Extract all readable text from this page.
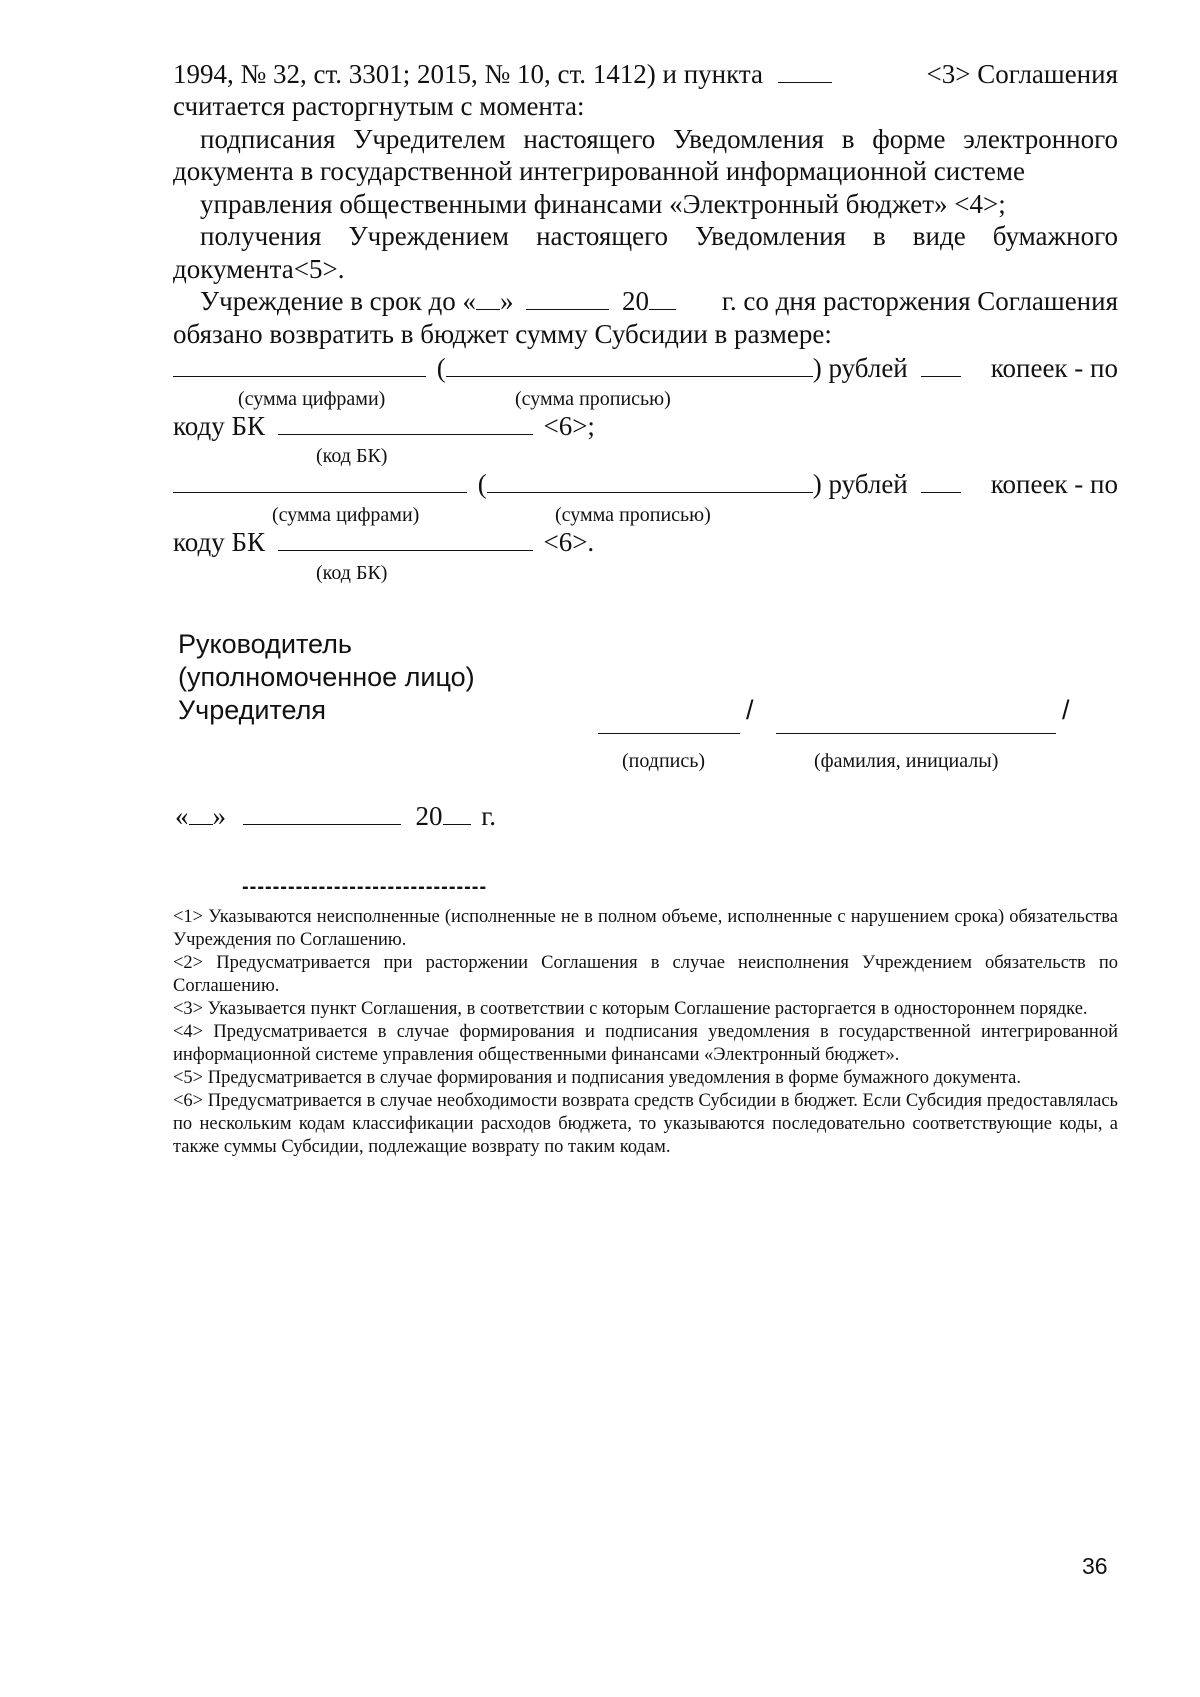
1994, № 32, ст. 3301; 2015, № 10, ст. 1412) и пункта	<3> Соглашения
считается расторгнутым с момента:
подписания Учредителем настоящего Уведомления в форме электронного
документа в государственной интегрированной информационной системе
управления общественными финансами «Электронный бюджет» <4>;
получения Учреждением настоящего Уведомления в виде бумажного
документа<5>.
Учреждение в срок до « »	20	г. со дня расторжения Соглашения
обязано возвратить в бюджет сумму Субсидии в размере:
(	) рублей	копеек - по
(сумма цифрами)	(сумма прописью)
коду БК	<6>;
(код БК)
(	) рублей	копеек - по
(сумма цифрами)	(сумма прописью)
коду БК	<6>.
(код БК)
Руководитель
(уполномоченное лицо)
Учредителя	/	/
(подпись)	(фамилия, инициалы)
« »	20 г.
--------------------------------
<1> Указываются неисполненные (исполненные не в полном объеме, исполненные с нарушением срока) обязательства Учреждения по Соглашению.
<2> Предусматривается при расторжении Соглашения в случае неисполнения Учреждением обязательств по Соглашению.
<3> Указывается пункт Соглашения, в соответствии с которым Соглашение расторгается в одностороннем порядке.
<4> Предусматривается в случае формирования и подписания уведомления в государственной интегрированной информационной системе управления общественными финансами «Электронный бюджет».
<5> Предусматривается в случае формирования и подписания уведомления в форме бумажного документа.
<6> Предусматривается в случае необходимости возврата средств Субсидии в бюджет. Если Субсидия предоставлялась по нескольким кодам классификации расходов бюджета, то указываются последовательно соответствующие коды, а также суммы Субсидии, подлежащие возврату по таким кодам.
36
